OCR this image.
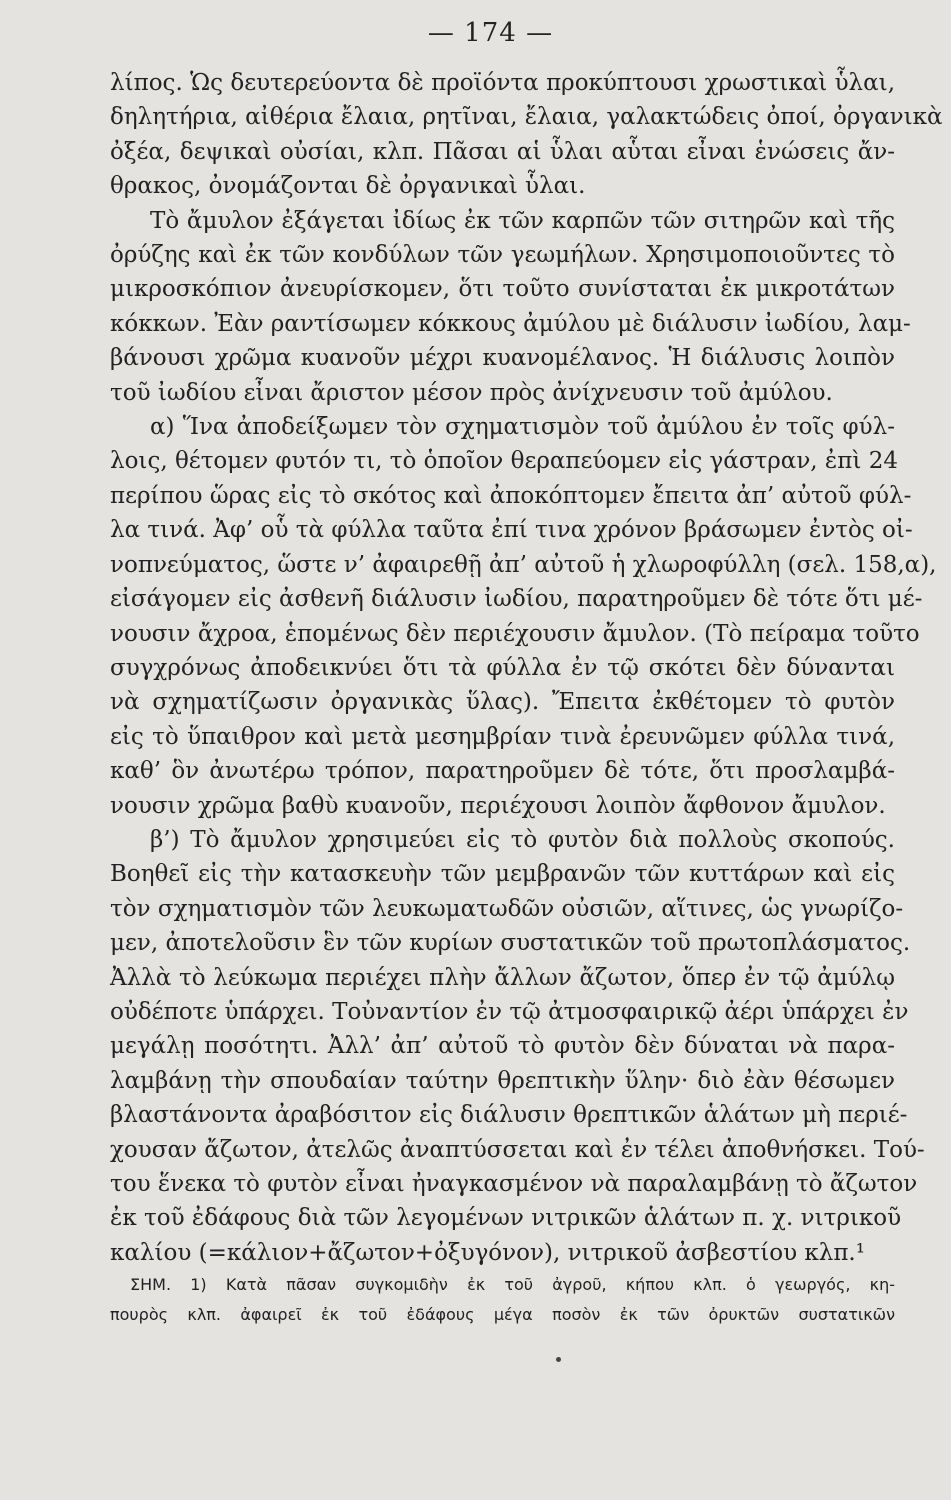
— 174 —
λίπος. Ὡς δευτερεύοντα δὲ προϊόντα προκύπτουσι χρωστικαὶ ὗλαι,
δηλητήρια, αἰθέρια ἔλαια, ρητῖναι, ἔλαια, γαλακτώδεις ὀποί, ὀργανικὰ
ὀξέα, δεψικαὶ οὐσίαι, κλπ. Πᾶσαι αἱ ὗλαι αὗται εἶναι ἑνώσεις ἄν-
θρακος, ὀνομάζονται δὲ ὀργανικαὶ ὗλαι.
Τὸ ἄμυλον ἐξάγεται ἰδίως ἐκ τῶν καρπῶν τῶν σιτηρῶν καὶ τῆς
ὀρύζης καὶ ἐκ τῶν κονδύλων τῶν γεωμήλων. Χρησιμοποιοῦντες τὸ
μικροσκόπιον ἀνευρίσκομεν, ὅτι τοῦτο συνίσταται ἐκ μικροτάτων
κόκκων. Ἐὰν ραντίσωμεν κόκκους ἀμύλου μὲ διάλυσιν ἰωδίου, λαμ-
βάνουσι χρῶμα κυανοῦν μέχρι κυανομέλανος. Ἡ διάλυσις λοιπὸν
τοῦ ἰωδίου εἶναι ἄριστον μέσον πρὸς ἀνίχνευσιν τοῦ ἀμύλου.
α) Ἵνα ἀποδείξωμεν τὸν σχηματισμὸν τοῦ ἀμύλου ἐν τοῖς φύλ-
λοις, θέτομεν φυτόν τι, τὸ ὁποῖον θεραπεύομεν εἰς γάστραν, ἐπὶ 24
περίπου ὥρας εἰς τὸ σκότος καὶ ἀποκόπτομεν ἔπειτα ἀπ’ αὐτοῦ φύλ-
λα τινά. Ἀφ’ οὗ τὰ φύλλα ταῦτα ἐπί τινα χρόνον βράσωμεν ἐντὸς οἰ-
νοπνεύματος, ὥστε ν’ ἀφαιρεθῇ ἀπ’ αὐτοῦ ἡ χλωροφύλλη (σελ. 158,α),
εἰσάγομεν εἰς ἀσθενῆ διάλυσιν ἰωδίου, παρατηροῦμεν δὲ τότε ὅτι μέ-
νουσιν ἄχροα, ἑπομένως δὲν περιέχουσιν ἄμυλον. (Τὸ πείραμα τοῦτο
συγχρόνως ἀποδεικνύει ὅτι τὰ φύλλα ἐν τῷ σκότει δὲν δύνανται
νὰ σχηματίζωσιν ὀργανικὰς ὕλας). Ἔπειτα ἐκθέτομεν τὸ φυτὸν
εἰς τὸ ὕπαιθρον καὶ μετὰ μεσημβρίαν τινὰ ἐρευνῶμεν φύλλα τινά,
καθ’ ὃν ἀνωτέρω τρόπον, παρατηροῦμεν δὲ τότε, ὅτι προσλαμβά-
νουσιν χρῶμα βαθὺ κυανοῦν, περιέχουσι λοιπὸν ἄφθονον ἄμυλον.
β’) Τὸ ἄμυλον χρησιμεύει εἰς τὸ φυτὸν διὰ πολλοὺς σκοπούς.
Βοηθεῖ εἰς τὴν κατασκευὴν τῶν μεμβρανῶν τῶν κυττάρων καὶ εἰς
τὸν σχηματισμὸν τῶν λευκωματωδῶν οὐσιῶν, αἵτινες, ὡς γνωρίζο-
μεν, ἀποτελοῦσιν ἓν τῶν κυρίων συστατικῶν τοῦ πρωτοπλάσματος.
Ἀλλὰ τὸ λεύκωμα περιέχει πλὴν ἄλλων ἄζωτον, ὅπερ ἐν τῷ ἀμύλῳ
οὐδέποτε ὑπάρχει. Τοὐναντίον ἐν τῷ ἀτμοσφαιρικῷ ἀέρι ὑπάρχει ἐν
μεγάλῃ ποσότητι. Ἀλλ’ ἀπ’ αὐτοῦ τὸ φυτὸν δὲν δύναται νὰ παρα-
λαμβάνῃ τὴν σπουδαίαν ταύτην θρεπτικὴν ὕλην· διὸ ἐὰν θέσωμεν
βλαστάνοντα ἀραβόσιτον εἰς διάλυσιν θρεπτικῶν ἁλάτων μὴ περιέ-
χουσαν ἄζωτον, ἀτελῶς ἀναπτύσσεται καὶ ἐν τέλει ἀποθνήσκει. Τού-
του ἕνεκα τὸ φυτὸν εἶναι ἠναγκασμένον νὰ παραλαμβάνῃ τὸ ἄζωτον
ἐκ τοῦ ἐδάφους διὰ τῶν λεγομένων νιτρικῶν ἁλάτων π. χ. νιτρικοῦ
καλίου (=κάλιον+ἄζωτον+ὀξυγόνον), νιτρικοῦ ἀσβεστίου κλπ.¹
ΣΗΜ. 1) Κατὰ πᾶσαν συγκομιδὴν ἐκ τοῦ ἀγροῦ, κήπου κλπ. ὁ γεωργός, κη-
πουρὸς κλπ. ἀφαιρεῖ ἐκ τοῦ ἐδάφους μέγα ποσὸν ἐκ τῶν ὀρυκτῶν συστατικῶν
